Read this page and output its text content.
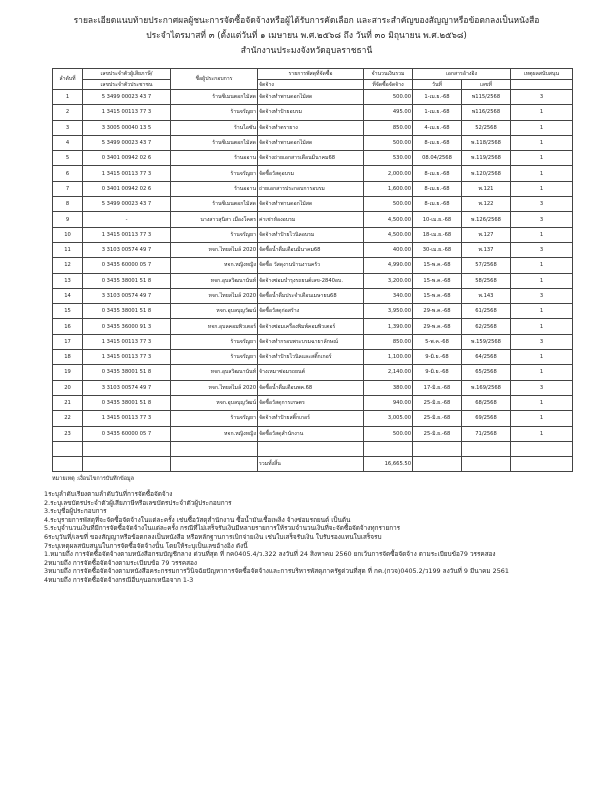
รายละเอียดแนบท้ายประกาศผลผู้ชนะการจัดซื้อจัดจ้างหรือผู้ได้รับการคัดเลือก และสาระสำคัญของสัญญาหรือข้อตกลงเป็นหนังสือ
ประจำไตรมาสที่ ๓ (ตั้งแต่วันที่ ๑ เมษายน พ.ศ.๒๕๖๘ ถึง วันที่ ๓๐ มิถุนายน พ.ศ.๒๕๖๘)
สำนักงานประมงจังหวัดอุบลราชธานี
ลำดับที่	เลขประจำตัวผู้เสียภาษี/	ชื่อผู้ประกอบการ	รายการพัสดุที่จัดซื้อ	จำนวนเงินรวม	เอกสารอ้างอิง		เหตุผลสนับสนุน
	เลขประจำตัวประชาชน		จัดจ้าง	ที่จัดซื้อจัดจ้าง	วันที่	เลขที่	
1	5 3499 00023 43 7	ร้านซีเมนตอกไม้สด	จัดจ้างทำพานดอกไม้สด	500.00	1-เม.ย.-68	พ115/2568	3
2	1 3415 00113 77 3	ร้านจรัญยา	จัดจ้างทำป้ายอบรม	495.00	1-เม.ย.-68	พ116/2568	1
3	3 3005 00040 13 5	ร้านไอซัน	จัดจ้างทำตรายาง	850.00	4-เม.ย.-68	52/2568	1
4	5 3499 00023 43 7	ร้านซีเมนตอกไม้สด	จัดจ้างทำพานดอกไม้สด	500.00	8-เม.ย.-68	พ.118/2568	1
5	0 3401 00942 02 6	ร้านออาน	จัดจ้างถ่ายเอกสารเดือนมีนาคม68	530.00	08.04/2568	พ.119/2568	1
6	1 3415 00113 77 3	ร้านจรัญยา	จัดซื้อวัสดุอบรม	2,000.00	8-เม.ย.-68	พ.120/2568	1
7	0 3401 00942 02 6	ร้านออาน	ถ่ายเอกสารประกอบการอบรม	1,600.00	8-เม.ย.-68	พ.121	1
8	5 3499 00023 43 7	ร้านซีเมนตอกไม้สด	จัดจ้างทำพานดอกไม้สด	500.00	8-เม.ย.-68	พ.122	3
9	-	นางสาวสุนิสา เมืองโคตร	ค่าเช่าห้องอบรม	4,500.00	10-เม.ย.-68	พ.126/2568	3
10	1 3415 00113 77 3	ร้านจรัญยา	จัดจ้างทำป้ายไวนิลอบรม	4,500.00	18-เม.ย.-68	พ.127	1
11	3 3103 00574 49 7	หจก.ไทยสไมล์ 2020	จัดซื้อน้ำดื่มเดือนมีนาคม68	400.00	30-เม.ย.-68	พ.137	3
12	0 3435 60000 05 7	หจก.หญิงหญิง	จัดซื้อ วัสดุงานบ้านงานครัว	4,990.00	15-พ.ค.-68	57/2568	1
13	0 3435 38001 51 8	หจก.อุบลวิฒนานันท์	จัดจ้างซ่อมบำรุงรถยนต์เลข-2840อบ.	3,200.00	15-พ.ค.-68	58/2568	1
14	3 3103 00574 49 7	หจก.ไทยสไมล์ 2020	จัดซื้อน้ำดื่มประจำเดือนเมษายน68	340.00	15-พ.ค.-68	พ.143	3
15	0 3435 38001 51 8	หจก.อุบลบุญวัฒน์	จัดซื้อวัสดุก่อสร้าง	3,950.00	29-พ.ค.-68	61/2568	1
16	0 3435 36000 91 3	หจก.อุบลคอมพิวเตอร์	จัดจ้างซ่อมเครื่องพิมพ์คอมพิวเตอร์	1,390.00	29-พ.ค.-68	62/2568	1
17	1 3415 00113 77 3	ร้านจรัญยา	จัดจ้างทำกรอบพระบรมฉายาลักษณ์	850.00	5-พ.ค.-68	พ.159/2568	3
18	1 3415 00113 77 3	ร้านจรัญยา	จัดจ้างทำป้ายไวนิลและสติ๊กเกอร์	1,100.00	9-มิ.ย.-68	64/2568	1
19	0 3435 38001 51 8	หจก.อุบลวิฒนานันท์	จ้างเหมาซ่อมรถยนต์	2,140.00	9-มิ.ย.-68	65/2568	1
20	3 3103 00574 49 7	หจก.ไทยสไมล์ 2020	จัดซื้อน้ำดื่มเดือนพค.68	380.00	17-มิ.ย.-68	พ.169/2568	3
21	0 3435 38001 51 8	หจก.อุบลบุญวัฒน์	จัดซื้อวัสดุการเกษตร	940.00	25-มิ.ย.-68	68/2568	1
22	1 3415 00113 77 3	ร้านจรัญยา	จัดจ้างทำป้ายสติ๊กเกอร์	3,005.00	25-มิ.ย.-68	69/2568	1
23	0 3435 60000 05 7	หจก.หญิงหญิง	จัดซื้อวัสดุสำนักงาน	500.00	25-มิ.ย.-68	71/2568	1

			รวมทั้งสิ้น	16,665.50			
หมายเหตุ :เงื่อนไขการบันทึกข้อมูล
1ระบุลำดับเรียงตามลำดับวันที่การจัดซื้อจัดจ้าง
2.ระบุเลขบัตรประจำตัวผู้เสียภาษีหรือเลขบัตรประจำตัวผู้ประกอบการ
3.ระบุชื่อผู้ประกอบการ
4.ระบุรายการพัสดุที่จะจัดซื้อจัดจ้างในแต่ละครั้ง เช่นซื้อวัสดุสำนักงาน ซื้อน้ำมันเชื้อเพลิง จ้างซ่อมรถยนต์ เป็นต้น
5.ระบุจำนวนเงินที่มีการจัดซื้อจัดจ้างในแต่ละครั้ง กรณีที่ไม่เสร็จรับเงินมีหลายรายการให้รวมจำนวนเงินที่จะจัดซื้อจัดจ้างทุกรายการ
6ระบุวันที่/เลขที่ ของสัญญาหรือข้อตกลงเป็นหนังสือ หรือหลักฐานการเบิกจ่ายเงิน เช่นใบเสร็จรับเงิน ใบรับรองแทนใบเสร็จรบ
7ระบุเหตุผลสนับสนุนในการจัดซื้อจัดจ้างนั้น โดยให้ระบุเป็นเลขอ้างอิง ดังนี้
1.หมายถึง การจัดซื้อจัดจ้างตามหนังสือกรมบัญชีกลาง ด่วนที่สุด ที่ กค0405.4/ว.322 ลงวันที่ 24 สิงหาคม 2560 ยกเว้นการจัดซื้อจัดจ้าง ตามระเบียบข้อ79 วรรคสอง
2หมายถึง การจัดซื้อจัดจ้างตามระเบียบข้อ 79 วรรคสอง
3หมายถึง การจัดซื้อจัดจ้างตามหนังสือคระกรรมการวินิจฉัยปัญหาการจัดซื้อจัดจ้างและการบริหารพัสดุภาครัฐด่วนที่สุด ที่ กค.(กวจ)0405.2/ว199 ลงวันที่ 9 มีนาคม 2561
4หมายถึง การจัดซื้อจัดจ้างกรณีอื่นๆนอกเหนือจาก 1-3
